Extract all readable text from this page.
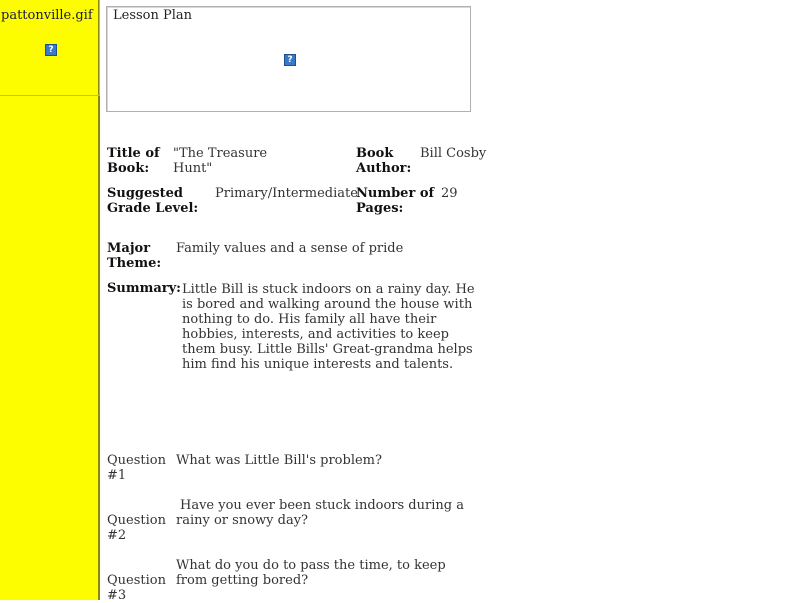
pattonville.gif
?
Lesson Plan
?
Title of Book:
"The Treasure Hunt"
Book Author:
Bill Cosby
Suggested Grade Level:
Primary/Intermediate
Number of Pages:
29
Major Theme:
Family values and a sense of pride
Summary: Little Bill is stuck indoors on a rainy day. He is bored and walking around the house with nothing to do. His family all have their hobbies, interests, and activities to keep them busy. Little Bills' Great-grandma helps him find his unique interests and talents.
Question #1
What was Little Bill's problem?
Question #2
Have you ever been stuck indoors during a rainy or snowy day?
Question #3
What do you do to pass the time, to keep from getting bored?
